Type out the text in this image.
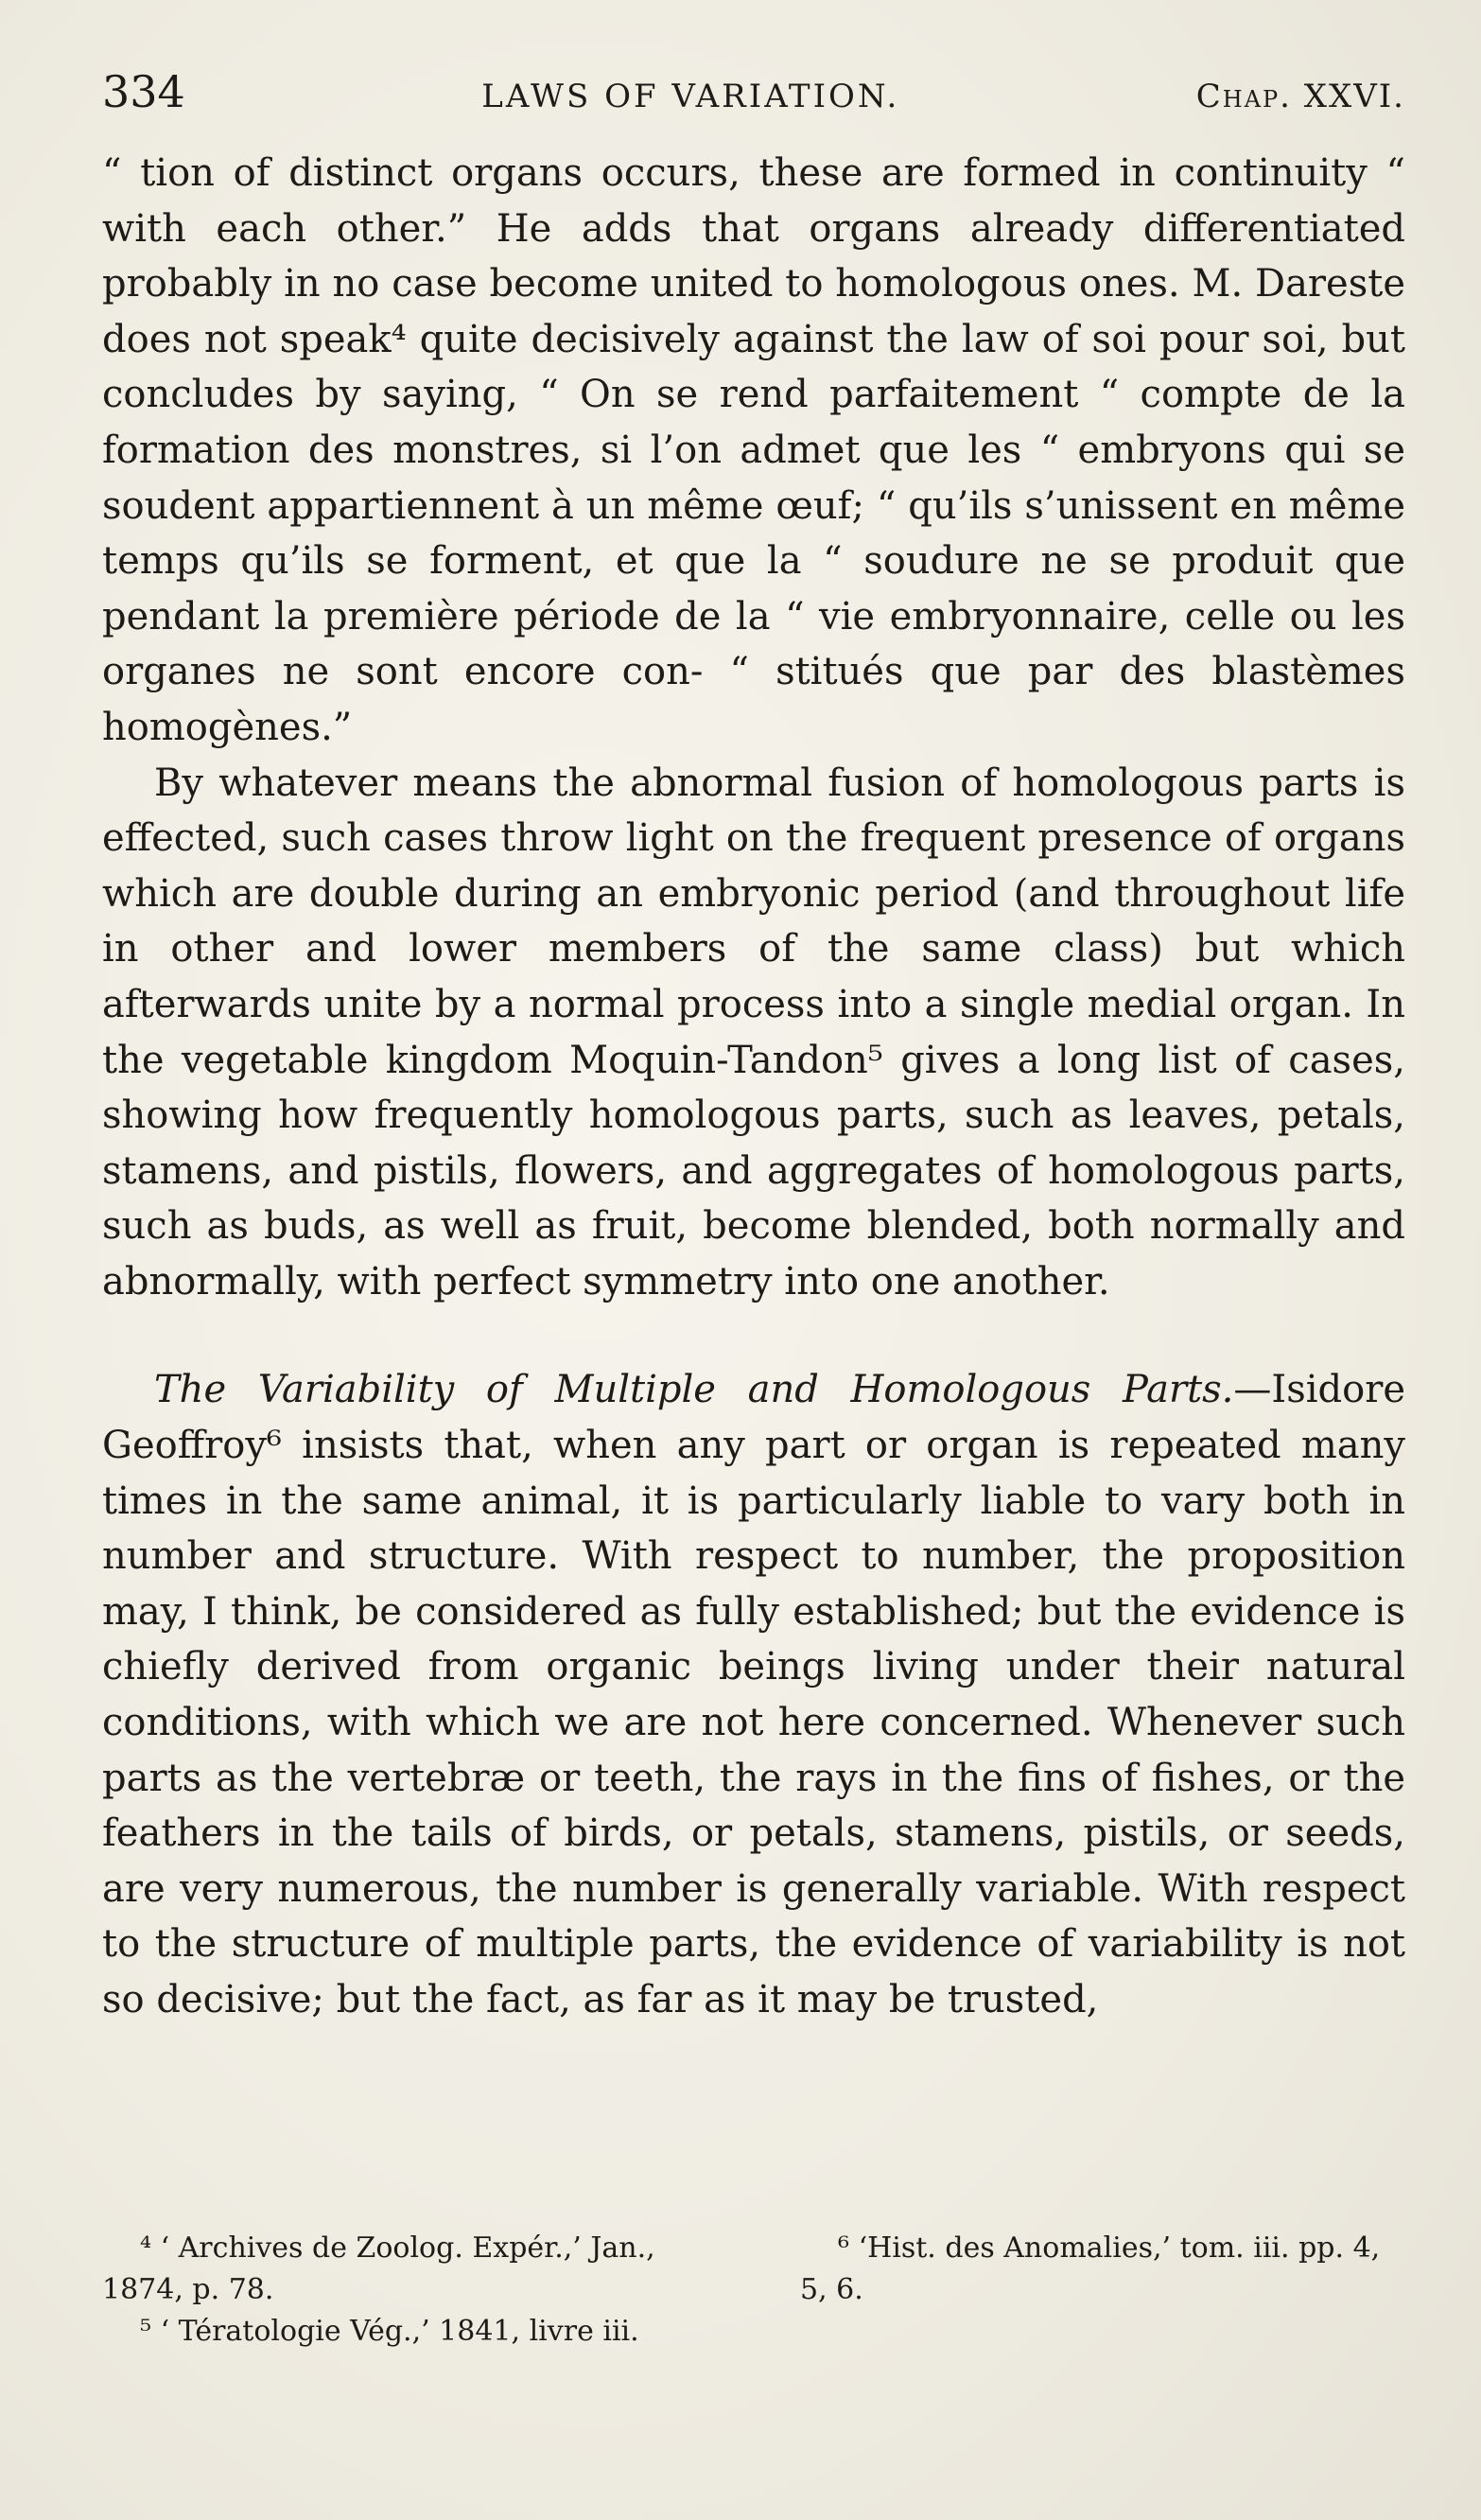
334	LAWS OF VARIATION.	Chap. XXVI.

“ tion of distinct organs occurs, these are formed in continuity “ with each other.” He adds that organs already differentiated probably in no case become united to homologous ones. M. Dareste does not speak⁴ quite decisively against the law of soi pour soi, but concludes by saying, “ On se rend parfaitement “ compte de la formation des monstres, si l’on admet que les “ embryons qui se soudent appartiennent à un même œuf; “ qu’ils s’unissent en même temps qu’ils se forment, et que la “ soudure ne se produit que pendant la première période de la “ vie embryonnaire, celle ou les organes ne sont encore con- “ stitués que par des blastèmes homogènes.”

By whatever means the abnormal fusion of homologous parts is effected, such cases throw light on the frequent presence of organs which are double during an embryonic period (and throughout life in other and lower members of the same class) but which afterwards unite by a normal process into a single medial organ. In the vegetable kingdom Moquin-Tandon⁵ gives a long list of cases, showing how frequently homologous parts, such as leaves, petals, stamens, and pistils, flowers, and aggregates of homologous parts, such as buds, as well as fruit, become blended, both normally and abnormally, with perfect symmetry into one another.

The Variability of Multiple and Homologous Parts.—Isidore Geoffroy⁶ insists that, when any part or organ is repeated many times in the same animal, it is particularly liable to vary both in number and structure. With respect to number, the proposition may, I think, be considered as fully established; but the evidence is chiefly derived from organic beings living under their natural conditions, with which we are not here concerned. Whenever such parts as the vertebræ or teeth, the rays in the fins of fishes, or the feathers in the tails of birds, or petals, stamens, pistils, or seeds, are very numerous, the number is generally variable. With respect to the structure of multiple parts, the evidence of variability is not so decisive; but the fact, as far as it may be trusted,

⁴ ‘ Archives de Zoolog. Expér.,’ Jan., 1874, p. 78.

⁵ ‘ Tératologie Vég.,’ 1841, livre iii.

⁶ ‘Hist. des Anomalies,’ tom. iii. pp. 4, 5, 6.
